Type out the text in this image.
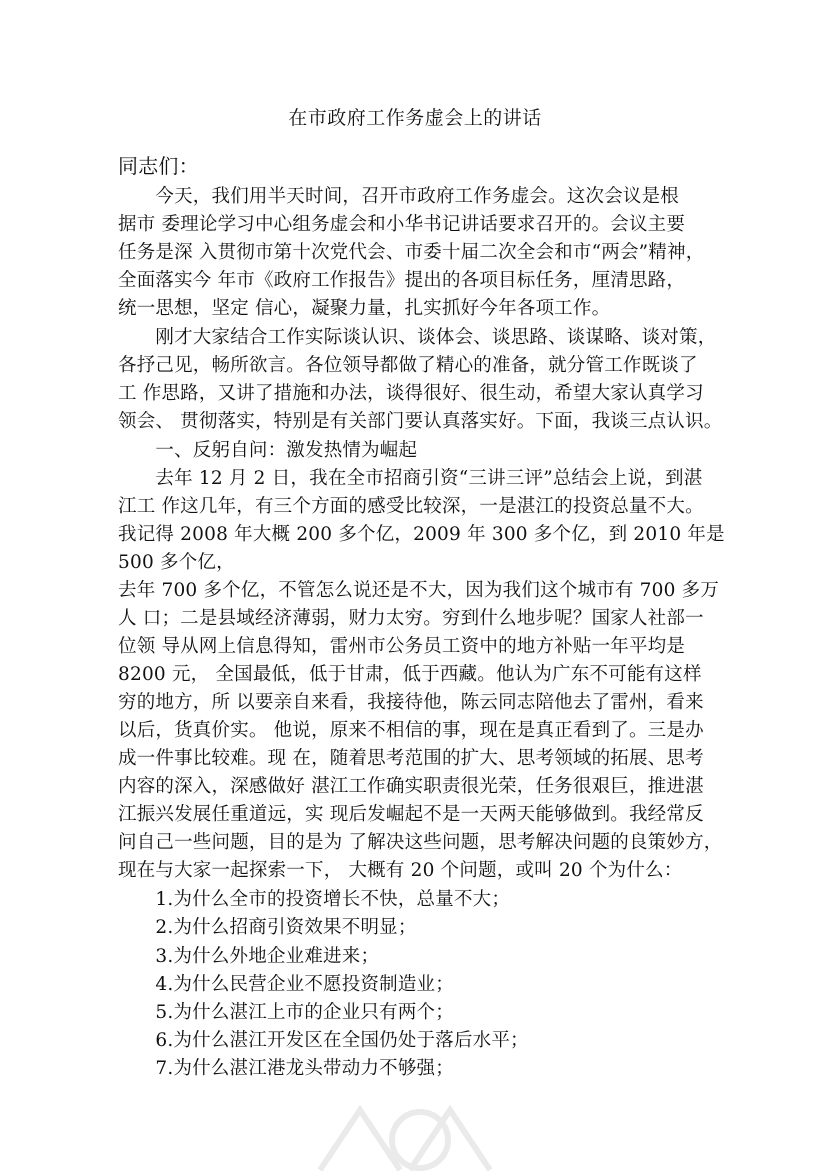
在市政府工作务虚会上的讲话
同志们：
　　今天，我们用半天时间，召开市政府工作务虚会。这次会议是根
据市 委理论学习中心组务虚会和小华书记讲话要求召开的。会议主要
任务是深 入贯彻市第十次党代会、市委十届二次全会和市“两会”精神，
全面落实今 年市《政府工作报告》提出的各项目标任务，厘清思路，
统一思想，坚定 信心，凝聚力量，扎实抓好今年各项工作。
　　刚才大家结合工作实际谈认识、谈体会、谈思路、谈谋略、谈对策，
各抒己见，畅所欲言。各位领导都做了精心的准备，就分管工作既谈了
工 作思路，又讲了措施和办法，谈得很好、很生动，希望大家认真学习
领会、 贯彻落实，特别是有关部门要认真落实好。下面，我谈三点认识。
　　一、反躬自问：激发热情为崛起
　　去年 12 月 2 日，我在全市招商引资“三讲三评”总结会上说，到湛
江工 作这几年，有三个方面的感受比较深，一是湛江的投资总量不大。
我记得 2008 年大概 200 多个亿，2009 年 300 多个亿，到 2010 年是
500 多个亿，
去年 700 多个亿，不管怎么说还是不大，因为我们这个城市有 700 多万
人 口；二是县域经济薄弱，财力太穷。穷到什么地步呢？国家人社部一
位领 导从网上信息得知，雷州市公务员工资中的地方补贴一年平均是
8200 元， 全国最低，低于甘肃，低于西藏。他认为广东不可能有这样
穷的地方，所 以要亲自来看，我接待他，陈云同志陪他去了雷州，看来
以后，货真价实。 他说，原来不相信的事，现在是真正看到了。三是办
成一件事比较难。现 在，随着思考范围的扩大、思考领域的拓展、思考
内容的深入，深感做好 湛江工作确实职责很光荣，任务很艰巨，推进湛
江振兴发展任重道远，实 现后发崛起不是一天两天能够做到。我经常反
问自己一些问题，目的是为 了解决这些问题，思考解决问题的良策妙方，
现在与大家一起探索一下， 大概有 20 个问题，或叫 20 个为什么：
　　1.为什么全市的投资增长不快，总量不大；
　　2.为什么招商引资效果不明显；
　　3.为什么外地企业难进来；
　　4.为什么民营企业不愿投资制造业；
　　5.为什么湛江上市的企业只有两个；
　　6.为什么湛江开发区在全国仍处于落后水平；
　　7.为什么湛江港龙头带动力不够强；
